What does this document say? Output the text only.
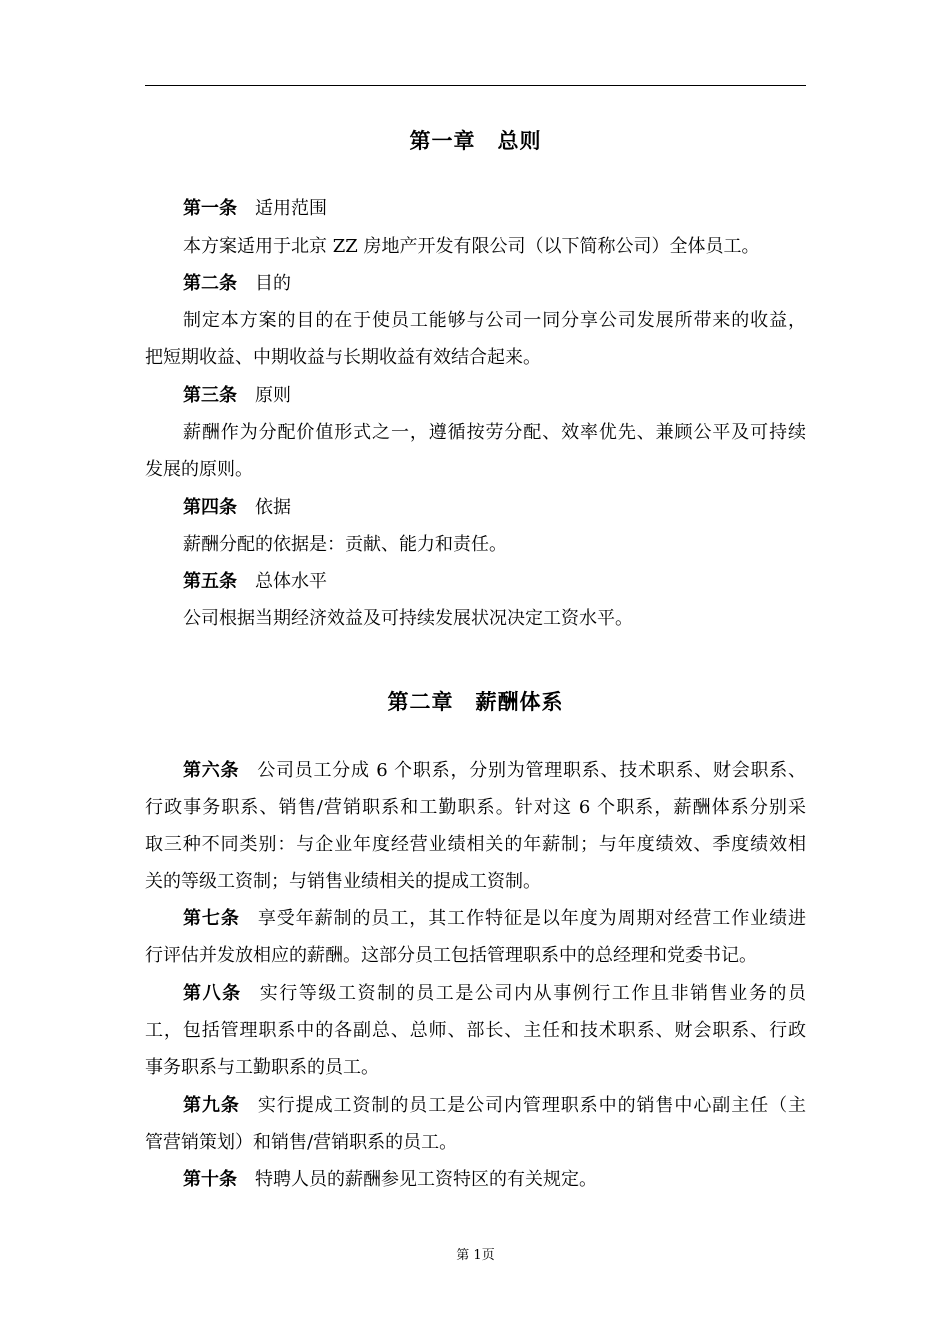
第一章　总则
第一条 适用范围
本方案适用于北京 ZZ 房地产开发有限公司（以下简称公司）全体员工。
第二条 目的
制定本方案的目的在于使员工能够与公司一同分享公司发展所带来的收益，
把短期收益、中期收益与长期收益有效结合起来。
第三条 原则
薪酬作为分配价值形式之一，遵循按劳分配、效率优先、兼顾公平及可持续
发展的原则。
第四条 依据
薪酬分配的依据是：贡献、能力和责任。
第五条 总体水平
公司根据当期经济效益及可持续发展状况决定工资水平。
第二章　薪酬体系
第六条 公司员工分成 6 个职系，分别为管理职系、技术职系、财会职系、
行政事务职系、销售/营销职系和工勤职系。针对这 6 个职系，薪酬体系分别采
取三种不同类别：与企业年度经营业绩相关的年薪制；与年度绩效、季度绩效相
关的等级工资制；与销售业绩相关的提成工资制。
第七条 享受年薪制的员工，其工作特征是以年度为周期对经营工作业绩进
行评估并发放相应的薪酬。这部分员工包括管理职系中的总经理和党委书记。
第八条 实行等级工资制的员工是公司内从事例行工作且非销售业务的员
工，包括管理职系中的各副总、总师、部长、主任和技术职系、财会职系、行政
事务职系与工勤职系的员工。
第九条 实行提成工资制的员工是公司内管理职系中的销售中心副主任（主
管营销策划）和销售/营销职系的员工。
第十条 特聘人员的薪酬参见工资特区的有关规定。
第 1页
